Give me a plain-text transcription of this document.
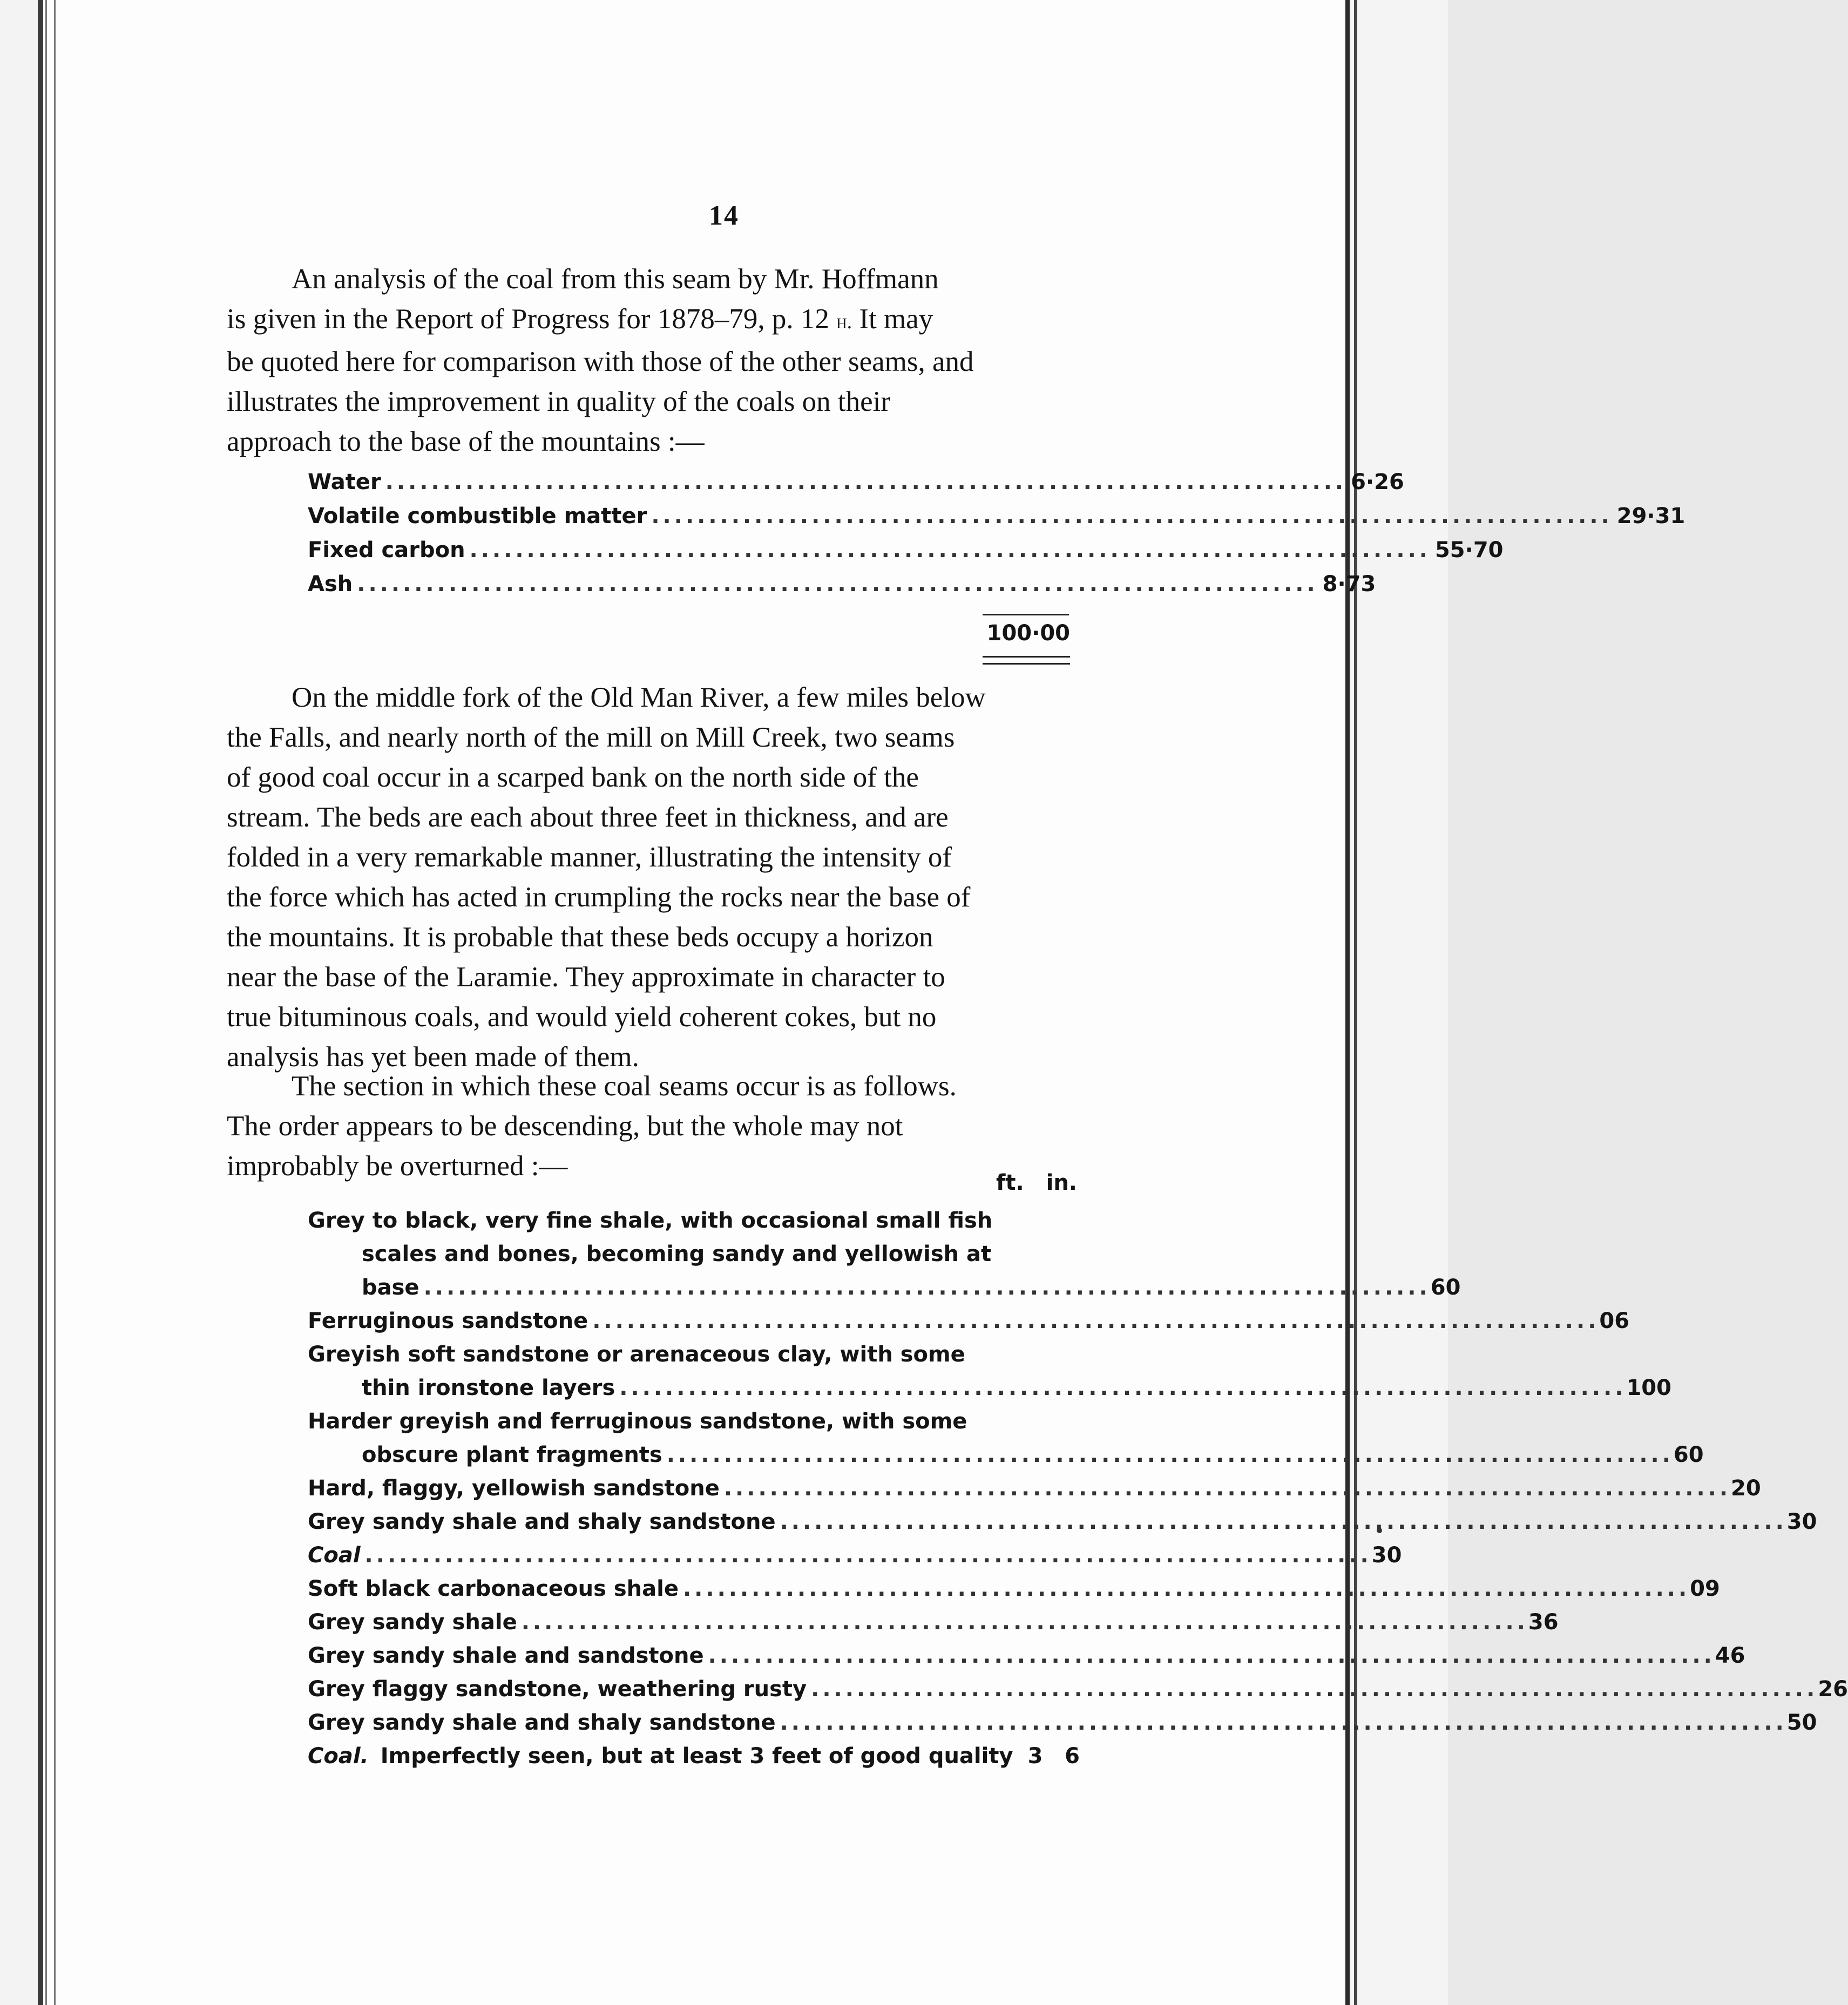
14
An analysis of the coal from this seam by Mr. Hoffmann
is given in the Report of Progress for 1878–79, p. 12 h. It may
be quoted here for comparison with those of the other seams, and
illustrates the improvement in quality of the coals on their
approach to the base of the mountains :—
Water .................................................................................... 6·26
Volatile combustible matter .................................................................................... 29·31
Fixed carbon .................................................................................... 55·70
Ash .................................................................................... 8·73
100·00
On the middle fork of the Old Man River, a few miles below
the Falls, and nearly north of the mill on Mill Creek, two seams
of good coal occur in a scarped bank on the north side of the
stream. The beds are each about three feet in thickness, and are
folded in a very remarkable manner, illustrating the intensity of
the force which has acted in crumpling the rocks near the base of
the mountains. It is probable that these beds occupy a horizon
near the base of the Laramie. They approximate in character to
true bituminous coals, and would yield coherent cokes, but no
analysis has yet been made of them.
The section in which these coal seams occur is as follows.
The order appears to be descending, but the whole may not
improbably be overturned :—
ft. in.
Grey to black, very fine shale, with occasional small fish
scales and bones, becoming sandy and yellowish at
base ........................................................................................ 6 0
Ferruginous sandstone ........................................................................................ 0 6
Greyish soft sandstone or arenaceous clay, with some
thin ironstone layers ........................................................................................ 10 0
Harder greyish and ferruginous sandstone, with some
obscure plant fragments ........................................................................................ 6 0
Hard, flaggy, yellowish sandstone ........................................................................................ 2 0
Grey sandy shale and shaly sandstone ........................................................................................ 3 0
Coal ........................................................................................ 3 0
Soft black carbonaceous shale ........................................................................................ 0 9
Grey sandy shale ........................................................................................ 3 6
Grey sandy shale and sandstone ........................................................................................ 4 6
Grey flaggy sandstone, weathering rusty ........................................................................................ 2 6
Grey sandy shale and shaly sandstone ........................................................................................ 5 0
Coal. Imperfectly seen, but at least 3 feet of good quality 3	6
